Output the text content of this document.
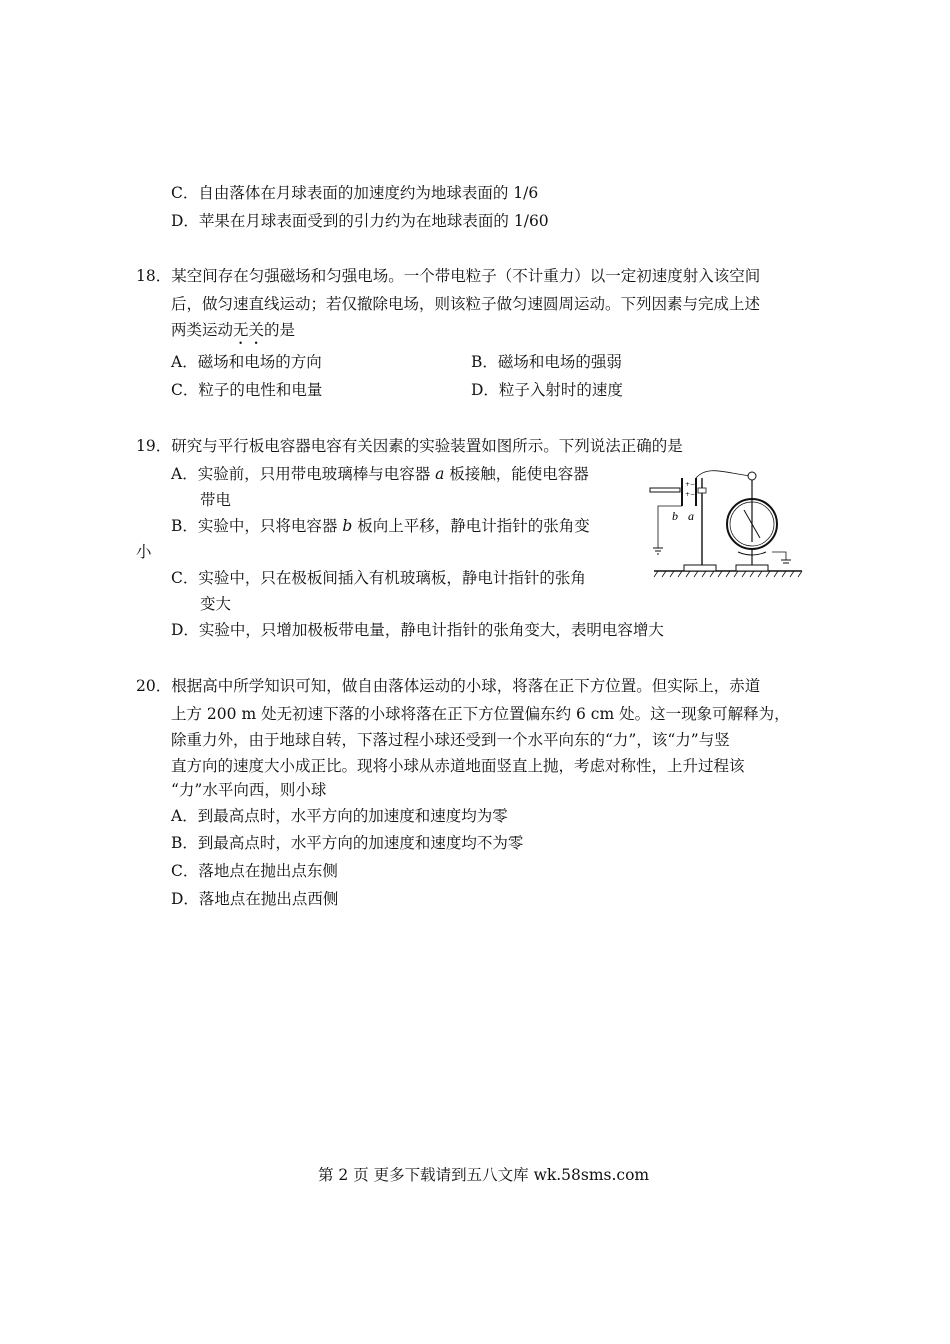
C．自由落体在月球表面的加速度约为地球表面的 1/6
D．苹果在月球表面受到的引力约为在地球表面的 1/60
18．某空间存在匀强磁场和匀强电场。一个带电粒子（不计重力）以一定初速度射入该空间
后，做匀速直线运动；若仅撤除电场，则该粒子做匀速圆周运动。下列因素与完成上述
两类运动无关的是
A．磁场和电场的方向	B．磁场和电场的强弱
C．粒子的电性和电量	D．粒子入射时的速度
19．研究与平行板电容器电容有关因素的实验装置如图所示。下列说法正确的是
A．实验前，只用带电玻璃棒与电容器 a 板接触，能使电容器
带电
B．实验中，只将电容器 b 板向上平移，静电计指针的张角变
小
C．实验中，只在极板间插入有机玻璃板，静电计指针的张角
变大
D．实验中，只增加极板带电量，静电计指针的张角变大，表明电容增大
+
+
−
−
b a
20．根据高中所学知识可知，做自由落体运动的小球，将落在正下方位置。但实际上，赤道
上方 200 m 处无初速下落的小球将落在正下方位置偏东约 6 cm 处。这一现象可解释为，
除重力外，由于地球自转，下落过程小球还受到一个水平向东的“力”，该“力”与竖
直方向的速度大小成正比。现将小球从赤道地面竖直上抛，考虑对称性，上升过程该
“力”水平向西，则小球
A．到最高点时，水平方向的加速度和速度均为零
B．到最高点时，水平方向的加速度和速度均不为零
C．落地点在抛出点东侧
D．落地点在抛出点西侧
第 2 页 更多下载请到五八文库 wk.58sms.com
